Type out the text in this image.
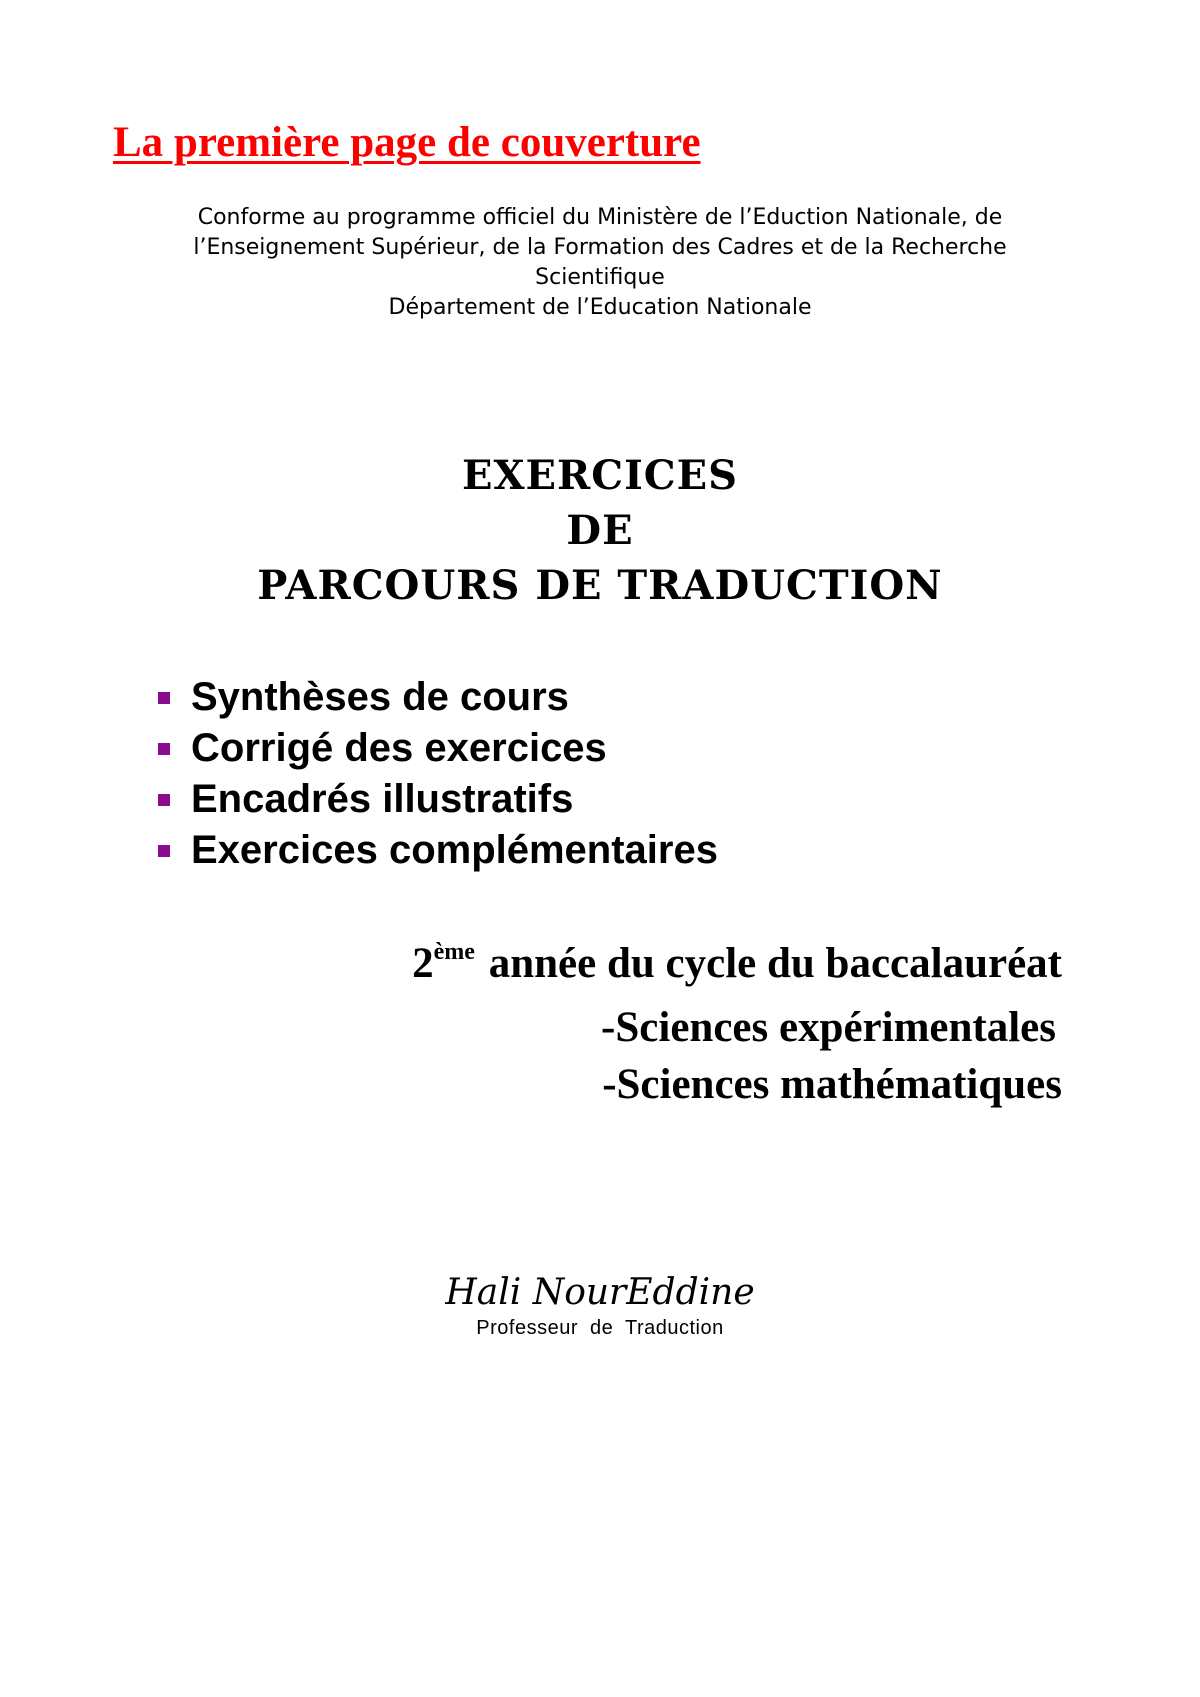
La première page de couverture
Conforme au programme officiel du Ministère de l’Eduction Nationale, de
l’Enseignement Supérieur, de la Formation des Cadres et de la Recherche
Scientifique
Département de l’Education Nationale
EXERCICES
DE
PARCOURS DE TRADUCTION
Synthèses de cours
Corrigé des exercices
Encadrés illustratifs
Exercices complémentaires
2ème année du cycle du baccalauréat
-Sciences expérimentales
-Sciences mathématiques
Hali NourEddine
Professeur de Traduction
